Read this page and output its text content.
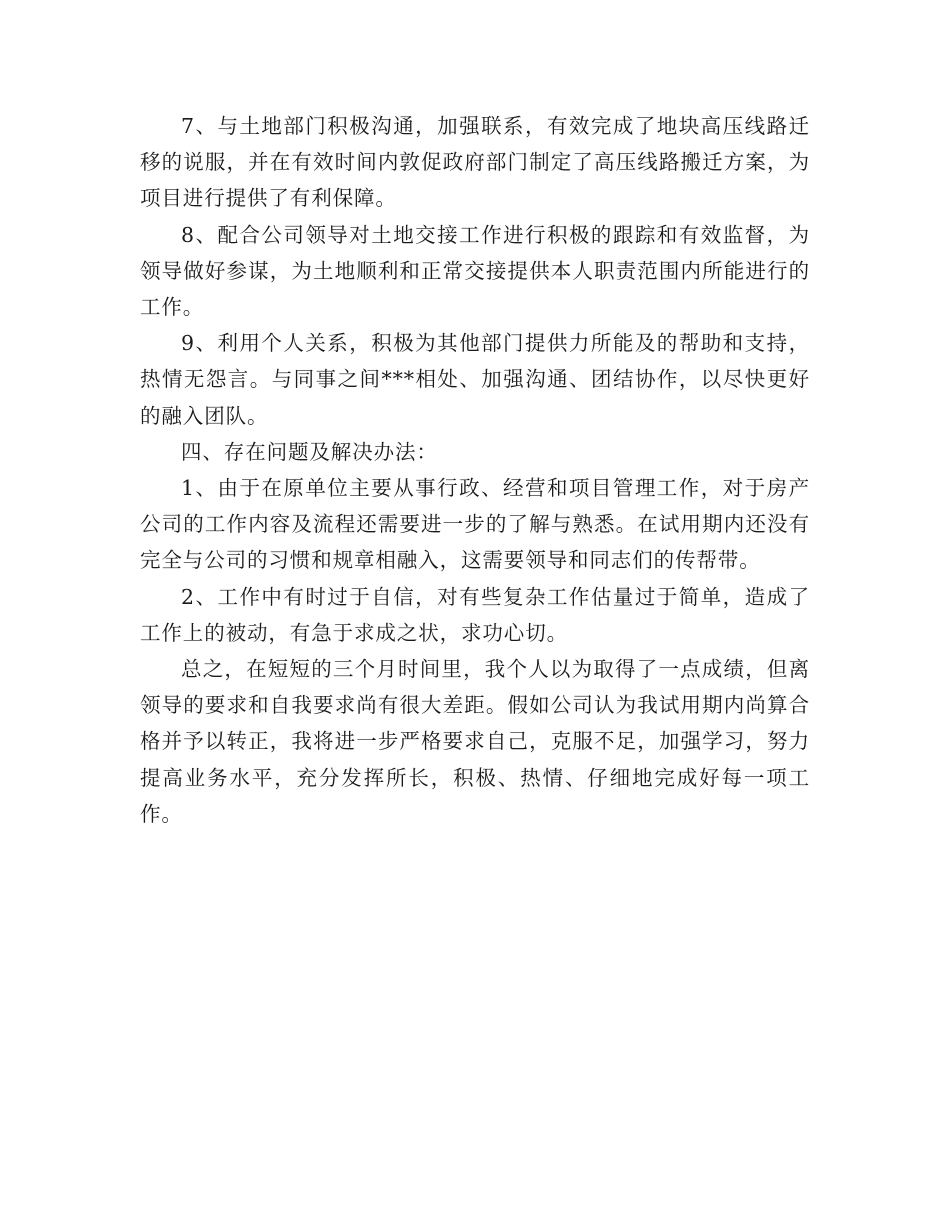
7、与土地部门积极沟通，加强联系，有效完成了地块高压线路迁移的说服，并在有效时间内敦促政府部门制定了高压线路搬迁方案，为项目进行提供了有利保障。

8、配合公司领导对土地交接工作进行积极的跟踪和有效监督，为领导做好参谋，为土地顺利和正常交接提供本人职责范围内所能进行的工作。

9、利用个人关系，积极为其他部门提供力所能及的帮助和支持，热情无怨言。与同事之间***相处、加强沟通、团结协作，以尽快更好的融入团队。

四、存在问题及解决办法：

1、由于在原单位主要从事行政、经营和项目管理工作，对于房产公司的工作内容及流程还需要进一步的了解与熟悉。在试用期内还没有完全与公司的习惯和规章相融入，这需要领导和同志们的传帮带。

2、工作中有时过于自信，对有些复杂工作估量过于简单，造成了工作上的被动，有急于求成之状，求功心切。

总之，在短短的三个月时间里，我个人以为取得了一点成绩，但离领导的要求和自我要求尚有很大差距。假如公司认为我试用期内尚算合格并予以转正，我将进一步严格要求自己，克服不足，加强学习，努力提高业务水平，充分发挥所长，积极、热情、仔细地完成好每一项工作。
